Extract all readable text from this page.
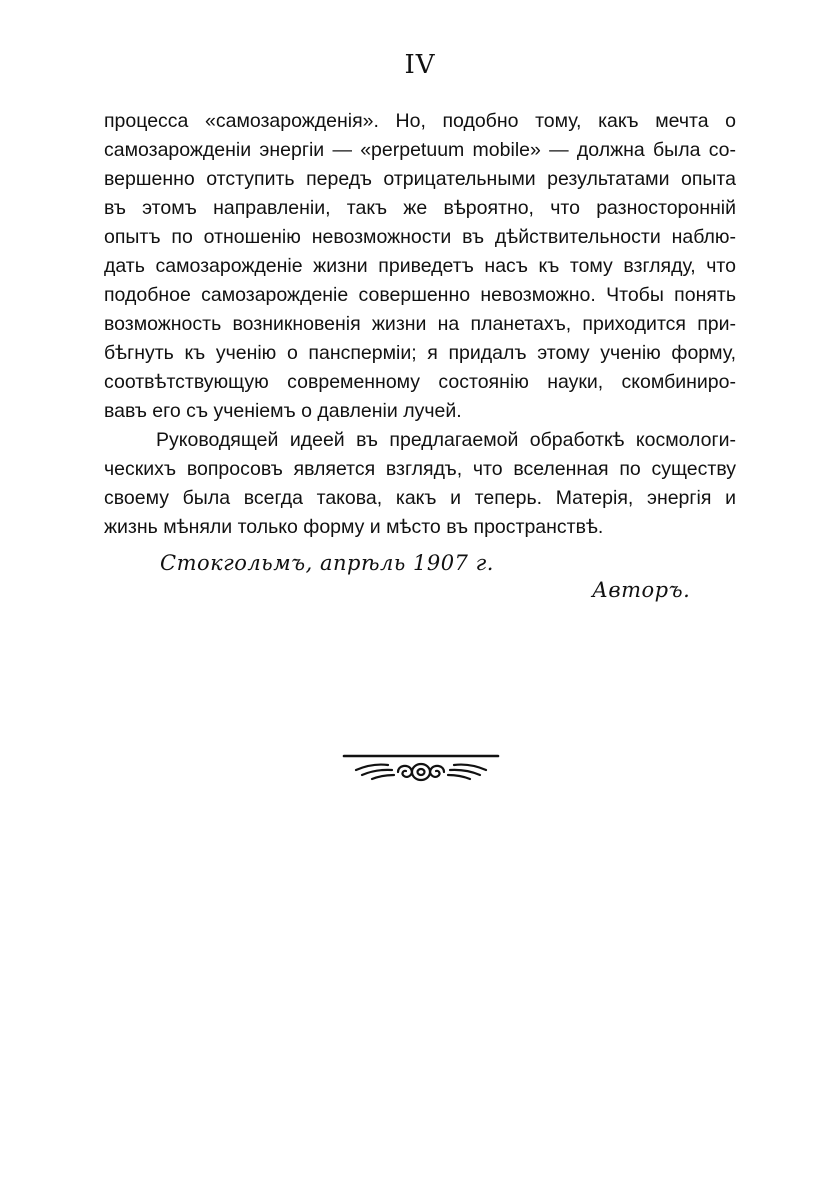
IV
процесса «самозарожденія». Но, подобно тому, какъ мечта о
самозарожденіи энергіи — «perpetuum mobile» — должна была со-
вершенно отступить передъ отрицательными результатами опыта
въ этомъ направленіи, такъ же вѣроятно, что разносторонній
опытъ по отношенію невозможности въ дѣйствительности наблю-
дать самозарожденіе жизни приведетъ насъ къ тому взгляду, что
подобное самозарожденіе совершенно невозможно. Чтобы понять
возможность возникновенія жизни на планетахъ, приходится при-
бѣгнуть къ ученію о панспермiи; я придалъ этому ученію форму,
соотвѣтствующую современному состоянію науки, скомбиниро-
вавъ его съ ученіемъ о давленіи лучей.
Руководящей идеей въ предлагаемой обработкѣ космологи-
ческихъ вопросовъ является взглядъ, что вселенная по существу
своему была всегда такова, какъ и теперь. Матерія, энергія и
жизнь мѣняли только форму и мѣсто въ пространствѣ.
Стокгольмъ, апрѣль 1907 г.
Авторъ.
